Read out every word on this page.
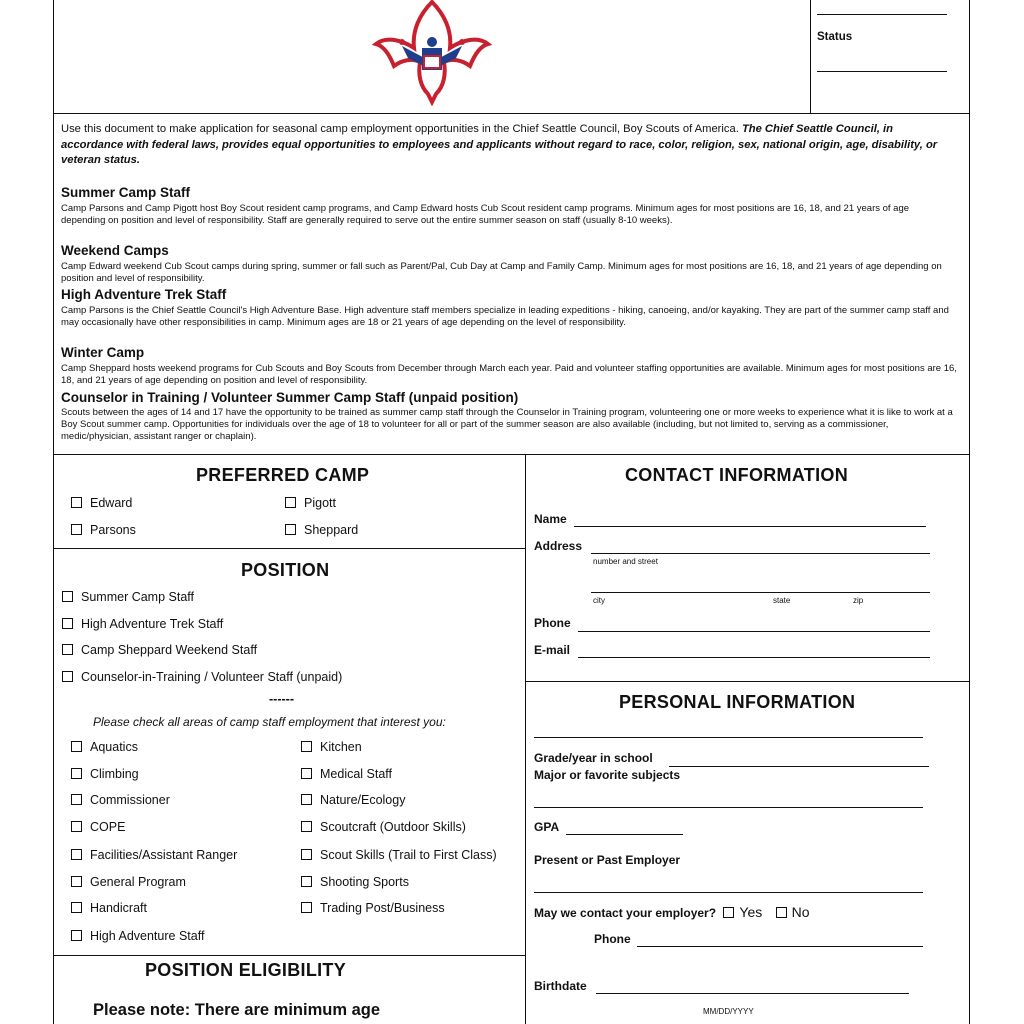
Status
Use this document to make application for seasonal camp employment opportunities in the Chief Seattle Council, Boy Scouts of America. The Chief Seattle Council, in accordance with federal laws, provides equal opportunities to employees and applicants without regard to race, color, religion, sex, national origin, age, disability, or veteran status.
Summer Camp Staff
Camp Parsons and Camp Pigott host Boy Scout resident camp programs, and Camp Edward hosts Cub Scout resident camp programs. Minimum ages for most positions are 16, 18, and 21 years of age depending on position and level of responsibility. Staff are generally required to serve out the entire summer season on staff (usually 8-10 weeks).
Weekend Camps
Camp Edward weekend Cub Scout camps during spring, summer or fall such as Parent/Pal, Cub Day at Camp and Family Camp. Minimum ages for most positions are 16, 18, and 21 years of age depending on position and level of responsibility.
High Adventure Trek Staff
Camp Parsons is the Chief Seattle Council's High Adventure Base. High adventure staff members specialize in leading expeditions - hiking, canoeing, and/or kayaking. They are part of the summer camp staff and may occasionally have other responsibilities in camp. Minimum ages are 18 or 21 years of age depending on the level of responsibility.
Winter Camp
Camp Sheppard hosts weekend programs for Cub Scouts and Boy Scouts from December through March each year. Paid and volunteer staffing opportunities are available. Minimum ages for most positions are 16, 18, and 21 years of age depending on position and level of responsibility.
Counselor in Training / Volunteer Summer Camp Staff (unpaid position)
Scouts between the ages of 14 and 17 have the opportunity to be trained as summer camp staff through the Counselor in Training program, volunteering one or more weeks to experience what it is like to work at a Boy Scout summer camp. Opportunities for individuals over the age of 18 to volunteer for all or part of the summer season are also available (including, but not limited to, serving as a commissioner, medic/physician, assistant ranger or chaplain).
PREFERRED CAMP
Edward	Pigott
Parsons	Sheppard
POSITION
Summer Camp Staff
High Adventure Trek Staff
Camp Sheppard Weekend Staff
Counselor-in-Training / Volunteer Staff (unpaid)
------
Please check all areas of camp staff employment that interest you:
Aquatics
Climbing
Commissioner
COPE
Facilities/Assistant Ranger
General Program
Handicraft
High Adventure Staff
Kitchen
Medical Staff
Nature/Ecology
Scoutcraft (Outdoor Skills)
Scout Skills (Trail to First Class)
Shooting Sports
Trading Post/Business
POSITION ELIGIBILITY
Please note: There are minimum age
CONTACT INFORMATION
Name
Address
number and street
city	state	zip
Phone
E-mail
PERSONAL INFORMATION
Grade/year in school
Major or favorite subjects
GPA
Present or Past Employer
May we contact your employer? Yes No
Phone
Birthdate
MM/DD/YYYY
